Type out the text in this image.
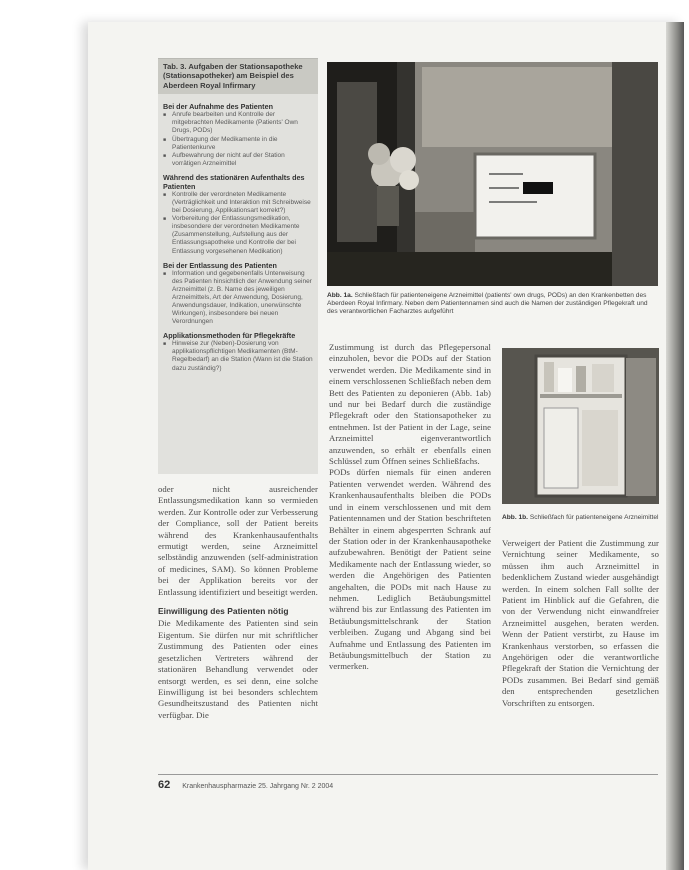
Tab. 3. Aufgaben der Stationsapotheke (Stationsapotheker) am Beispiel des Aberdeen Royal Infirmary
Bei der Aufnahme des Patienten
■ Anrufe bearbeiten und Kontrolle der mitgebrachten Medikamente (Patients' Own Drugs, PODs)
■ Übertragung der Medikamente in die Patientenkurve
■ Aufbewahrung der nicht auf der Station vorrätigen Arzneimittel
Während des stationären Aufenthalts des Patienten
■ Kontrolle der verordneten Medikamente (Verträglichkeit und Interaktion mit Schreibweise bei Dosierung, Applikationsart korrekt?)
■ Vorbereitung der Entlassungsmedikation, insbesondere der verordneten Medikamente (Zusammenstellung, Aufstellung aus der Entlassungsapotheke und Kontrolle der bei Entlassung vorgesehenen Medikation)
Bei der Entlassung des Patienten
■ Information und gegebenenfalls Unterweisung des Patienten hinsichtlich der Anwendung seiner Arzneimittel (z. B. Name des jeweiligen Arzneimittels, Art der Anwendung, Dosierung, Anwendungsdauer, Indikation, unerwünschte Wirkungen), insbesondere bei neuen Verordnungen
Applikationsmethoden für Pflegekräfte
■ Hinweise zur (Neben)-Dosierung von applikationspflichtigen Medikamenten (BtM-Regelbedarf) an die Station (Wann ist die Station dazu zuständig?)
Abb. 1a. Schließfach für patienteneigene Arzneimittel (patients' own drugs, PODs) an den Krankenbetten des Aberdeen Royal Infirmary. Neben dem Patientennamen sind auch die Namen der zuständigen Pflegekraft und des verantwortlichen Facharztes aufgeführt
Abb. 1b. Schließfach für patienteneigene Arzneimittel

oder nicht ausreichender Entlassungsmedikation kann so vermieden werden. Zur Kontrolle oder zur Verbesserung der Compliance, soll der Patient bereits während des Krankenhausaufenthalts ermutigt werden, seine Arzneimittel selbständig anzuwenden (self-administration of medicines, SAM). So können Probleme bei der Applikation bereits vor der Entlassung identifiziert und beseitigt werden.

Einwilligung des Patienten nötig

Die Medikamente des Patienten sind sein Eigentum. Sie dürfen nur mit schriftlicher Zustimmung des Patienten oder eines gesetzlichen Vertreters während der stationären Behandlung verwendet oder entsorgt werden, es sei denn, eine solche Einwilligung ist bei besonders schlechtem Gesundheitszustand des Patienten nicht verfügbar. Die

Zustimmung ist durch das Pflegepersonal einzuholen, bevor die PODs auf der Station verwendet werden. Die Medikamente sind in einem verschlossenen Schließfach neben dem Bett des Patienten zu deponieren (Abb. 1ab) und nur bei Bedarf durch die zuständige Pflegekraft oder den Stationsapotheker zu entnehmen. Ist der Patient in der Lage, seine Arzneimittel eigenverantwortlich anzuwenden, so erhält er ebenfalls einen Schlüssel zum Öffnen seines Schließfachs.

PODs dürfen niemals für einen anderen Patienten verwendet werden. Während des Krankenhausaufenthalts bleiben die PODs und in einem verschlossenen und mit dem Patientennamen und der Station beschrifteten Behälter in einem abgesperrten Schrank auf der Station oder in der Krankenhausapotheke aufzubewahren. Benötigt der Patient seine Medikamente nach der Entlassung wieder, so werden die Angehörigen des Patienten angehalten, die PODs mit nach Hause zu nehmen. Lediglich Betäubungsmittel während bis zur Entlassung des Patienten im Betäubungsmittelschrank der Station verbleiben. Zugang und Abgang sind bei Aufnahme und Entlassung des Patienten im Betäubungsmittelbuch der Station zu vermerken.

Verweigert der Patient die Zustimmung zur Vernichtung seiner Medikamente, so müssen ihm auch Arzneimittel in bedenklichem Zustand wieder ausgehändigt werden. In einem solchen Fall sollte der Patient im Hinblick auf die Gefahren, die von der Verwendung nicht einwandfreier Arzneimittel ausgehen, beraten werden. Wenn der Patient verstirbt, zu Hause im Krankenhaus verstorben, so erfassen die Angehörigen oder die verantwortliche Pflegekraft der Station die Vernichtung der PODs zusammen. Bei Bedarf sind gemäß den entsprechenden gesetzlichen Vorschriften zu entsorgen.

62 Krankenhauspharmazie 25. Jahrgang Nr. 2 2004
